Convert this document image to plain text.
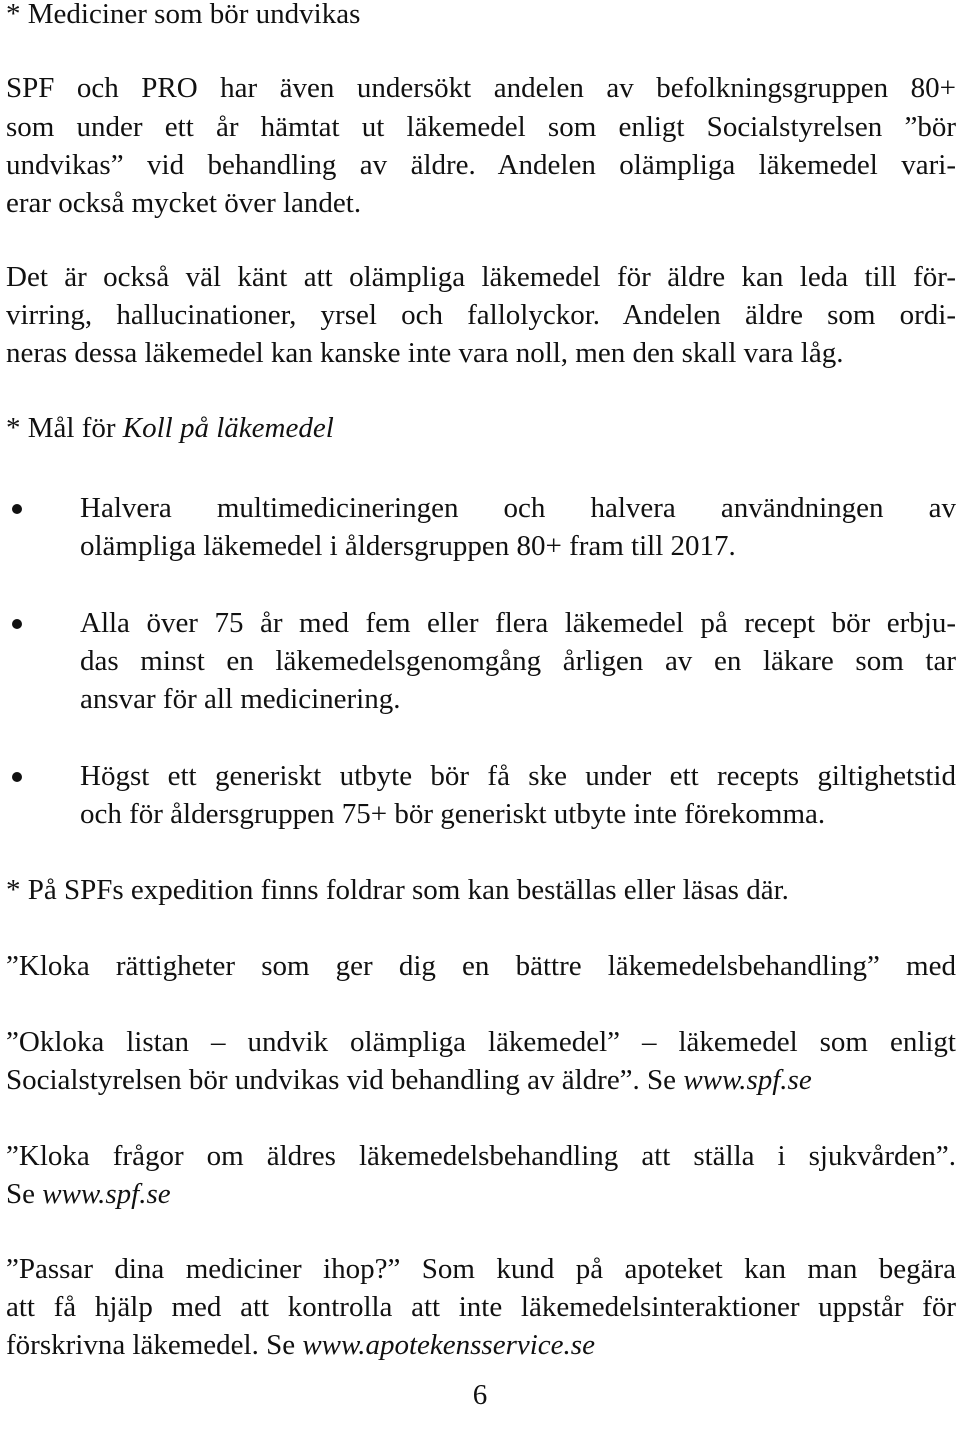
* Mediciner som bör undvikas
SPF och PRO har även undersökt andelen av befolkningsgruppen 80+
som under ett år hämtat ut läkemedel som enligt Socialstyrelsen ”bör
undvikas” vid behandling av äldre. Andelen olämpliga läkemedel vari-
erar också mycket över landet.
Det är också väl känt att olämpliga läkemedel för äldre kan leda till för-
virring, hallucinationer, yrsel och fallolyckor. Andelen äldre som ordi-
neras dessa läkemedel kan kanske inte vara noll, men den skall vara låg.
* Mål för Koll på läkemedel
Halvera multimedicineringen och halvera användningen av
olämpliga läkemedel i åldersgruppen 80+ fram till 2017.
Alla över 75 år med fem eller flera läkemedel på recept bör erbju-
das minst en läkemedelsgenomgång årligen av en läkare som tar
ansvar för all medicinering.
Högst ett generiskt utbyte bör få ske under ett recepts giltighetstid
och för åldersgruppen 75+ bör generiskt utbyte inte förekomma.
* På SPFs expedition finns foldrar som kan beställas eller läsas där.
”Kloka rättigheter som ger dig en bättre läkemedelsbehandling” med
”Okloka listan – undvik olämpliga läkemedel” – läkemedel som enligt
Socialstyrelsen bör undvikas vid behandling av äldre”. Se www.spf.se
”Kloka frågor om äldres läkemedelsbehandling att ställa i sjukvården”.
Se www.spf.se
”Passar dina mediciner ihop?” Som kund på apoteket kan man begära
att få hjälp med att kontrolla att inte läkemedelsinteraktioner uppstår för
förskrivna läkemedel. Se www.apotekensservice.se
6
